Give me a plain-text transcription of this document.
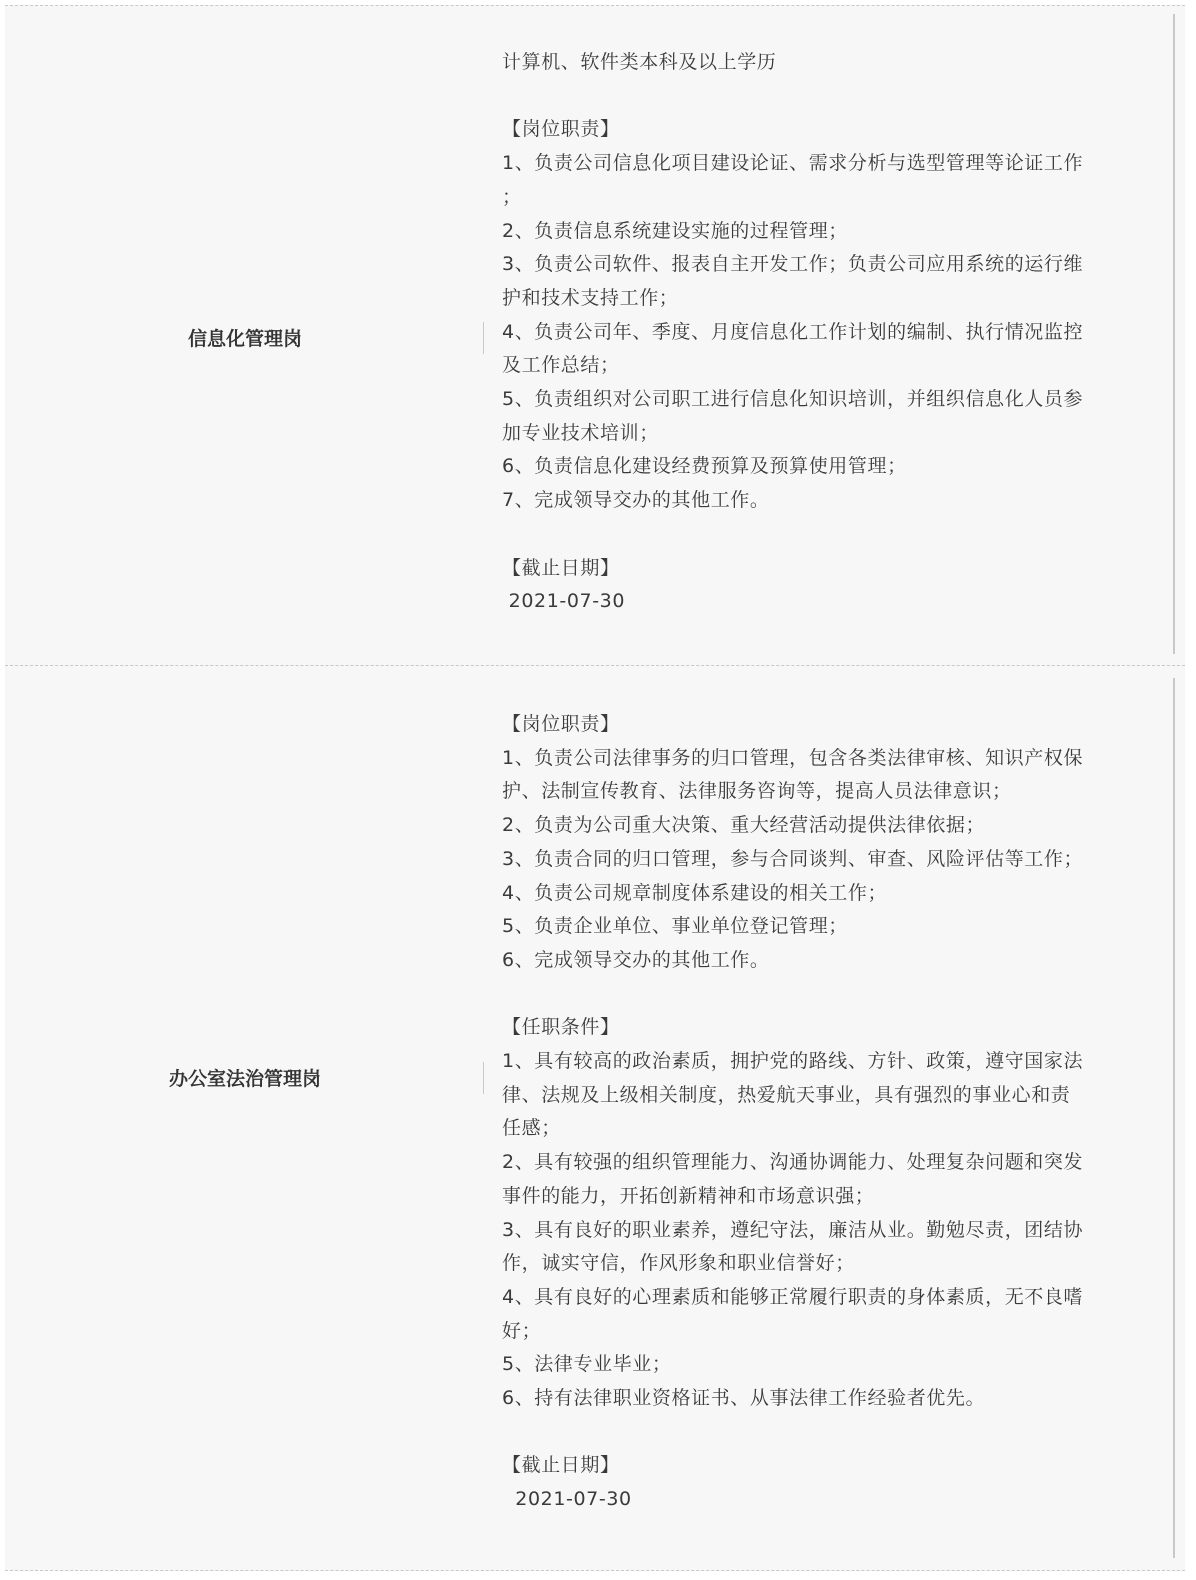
信息化管理岗

计算机、软件类本科及以上学历

【岗位职责】

1、负责公司信息化项目建设论证、需求分析与选型管理等论证工作

；

2、负责信息系统建设实施的过程管理；

3、负责公司软件、报表自主开发工作；负责公司应用系统的运行维

护和技术支持工作；

4、负责公司年、季度、月度信息化工作计划的编制、执行情况监控

及工作总结；

5、负责组织对公司职工进行信息化知识培训，并组织信息化人员参

加专业技术培训；

6、负责信息化建设经费预算及预算使用管理；

7、完成领导交办的其他工作。

【截止日期】

2021-07-30

办公室法治管理岗

【岗位职责】

1、负责公司法律事务的归口管理，包含各类法律审核、知识产权保

护、法制宣传教育、法律服务咨询等，提高人员法律意识；

2、负责为公司重大决策、重大经营活动提供法律依据；

3、负责合同的归口管理，参与合同谈判、审查、风险评估等工作；

4、负责公司规章制度体系建设的相关工作；

5、负责企业单位、事业单位登记管理；

6、完成领导交办的其他工作。

【任职条件】

1、具有较高的政治素质，拥护党的路线、方针、政策，遵守国家法

律、法规及上级相关制度，热爱航天事业，具有强烈的事业心和责

任感；

2、具有较强的组织管理能力、沟通协调能力、处理复杂问题和突发

事件的能力，开拓创新精神和市场意识强；

3、具有良好的职业素养，遵纪守法，廉洁从业。勤勉尽责，团结协

作，诚实守信，作风形象和职业信誉好；

4、具有良好的心理素质和能够正常履行职责的身体素质，无不良嗜

好；

5、法律专业毕业；

6、持有法律职业资格证书、从事法律工作经验者优先。

【截止日期】

2021-07-30
